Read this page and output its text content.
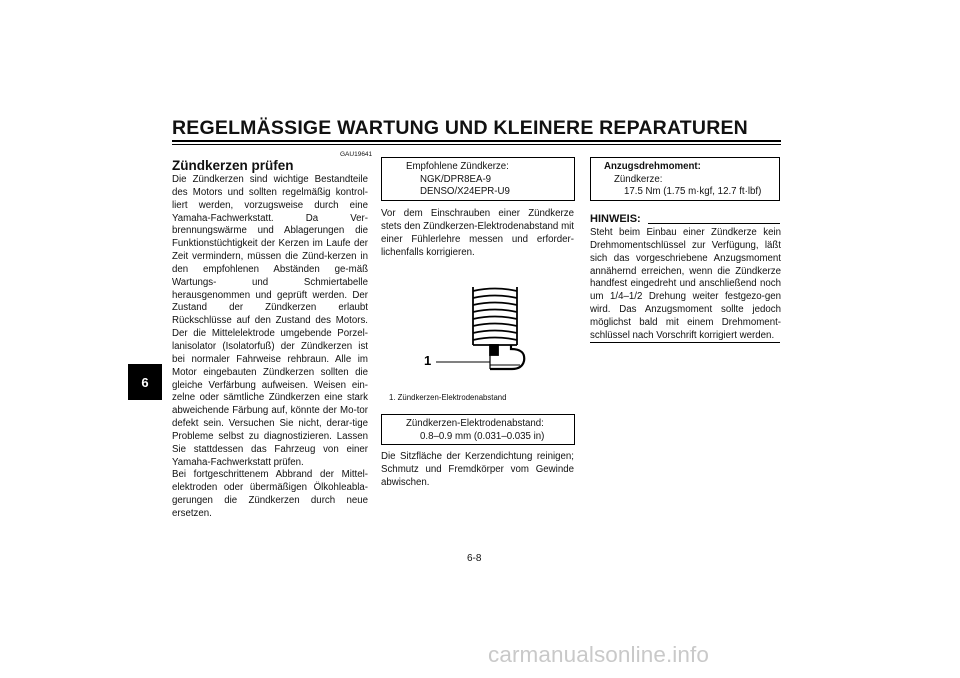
REGELMÄSSIGE WARTUNG UND KLEINERE REPARATUREN
6
GAU19641
Zündkerzen prüfen

Die Zündkerzen sind wichtige Bestandteile des Motors und sollten regelmäßig kontrol-liert werden, vorzugsweise durch eine Yamaha-Fachwerkstatt. Da Ver-brennungswärme und Ablagerungen die Funktionstüchtigkeit der Kerzen im Laufe der Zeit vermindern, müssen die Zünd-kerzen in den empfohlenen Abständen ge-mäß Wartungs- und Schmiertabelle herausgenommen und geprüft werden. Der Zustand der Zündkerzen erlaubt Rückschlüsse auf den Zustand des Motors. Der die Mittelelektrode umgebende Porzel-lanisolator (Isolatorfuß) der Zündkerzen ist bei normaler Fahrweise rehbraun. Alle im Motor eingebauten Zündkerzen sollten die gleiche Verfärbung aufweisen. Weisen ein-zelne oder sämtliche Zündkerzen eine stark abweichende Färbung auf, könnte der Mo-tor defekt sein. Versuchen Sie nicht, derar-tige Probleme selbst zu diagnostizieren. Lassen Sie stattdessen das Fahrzeug von einer Yamaha-Fachwerkstatt prüfen.

Bei fortgeschrittenem Abbrand der Mittel-elektroden oder übermäßigen Ölkohleabla-gerungen die Zündkerzen durch neue ersetzen.

Empfohlene Zündkerze:
NGK/DPR8EA-9
DENSO/X24EPR-U9

Vor dem Einschrauben einer Zündkerze stets den Zündkerzen-Elektrodenabstand mit einer Fühlerlehre messen und erforder-lichenfalls korrigieren.

1
1. Zündkerzen-Elektrodenabstand
Zündkerzen-Elektrodenabstand:
0.8–0.9 mm (0.031–0.035 in)

Die Sitzfläche der Kerzendichtung reinigen; Schmutz und Fremdkörper vom Gewinde abwischen.

Anzugsdrehmoment:
Zündkerze:
17.5 Nm (1.75 m·kgf, 12.7 ft·lbf)
HINWEIS:

Steht beim Einbau einer Zündkerze kein Drehmomentschlüssel zur Verfügung, läßt sich das vorgeschriebene Anzugsmoment annähernd erreichen, wenn die Zündkerze handfest eingedreht und anschließend noch um 1/4–1/2 Drehung weiter festgezo-gen wird. Das Anzugsmoment sollte jedoch möglichst bald mit einem Drehmoment-schlüssel nach Vorschrift korrigiert werden.

6-8
carmanualsonline.info
